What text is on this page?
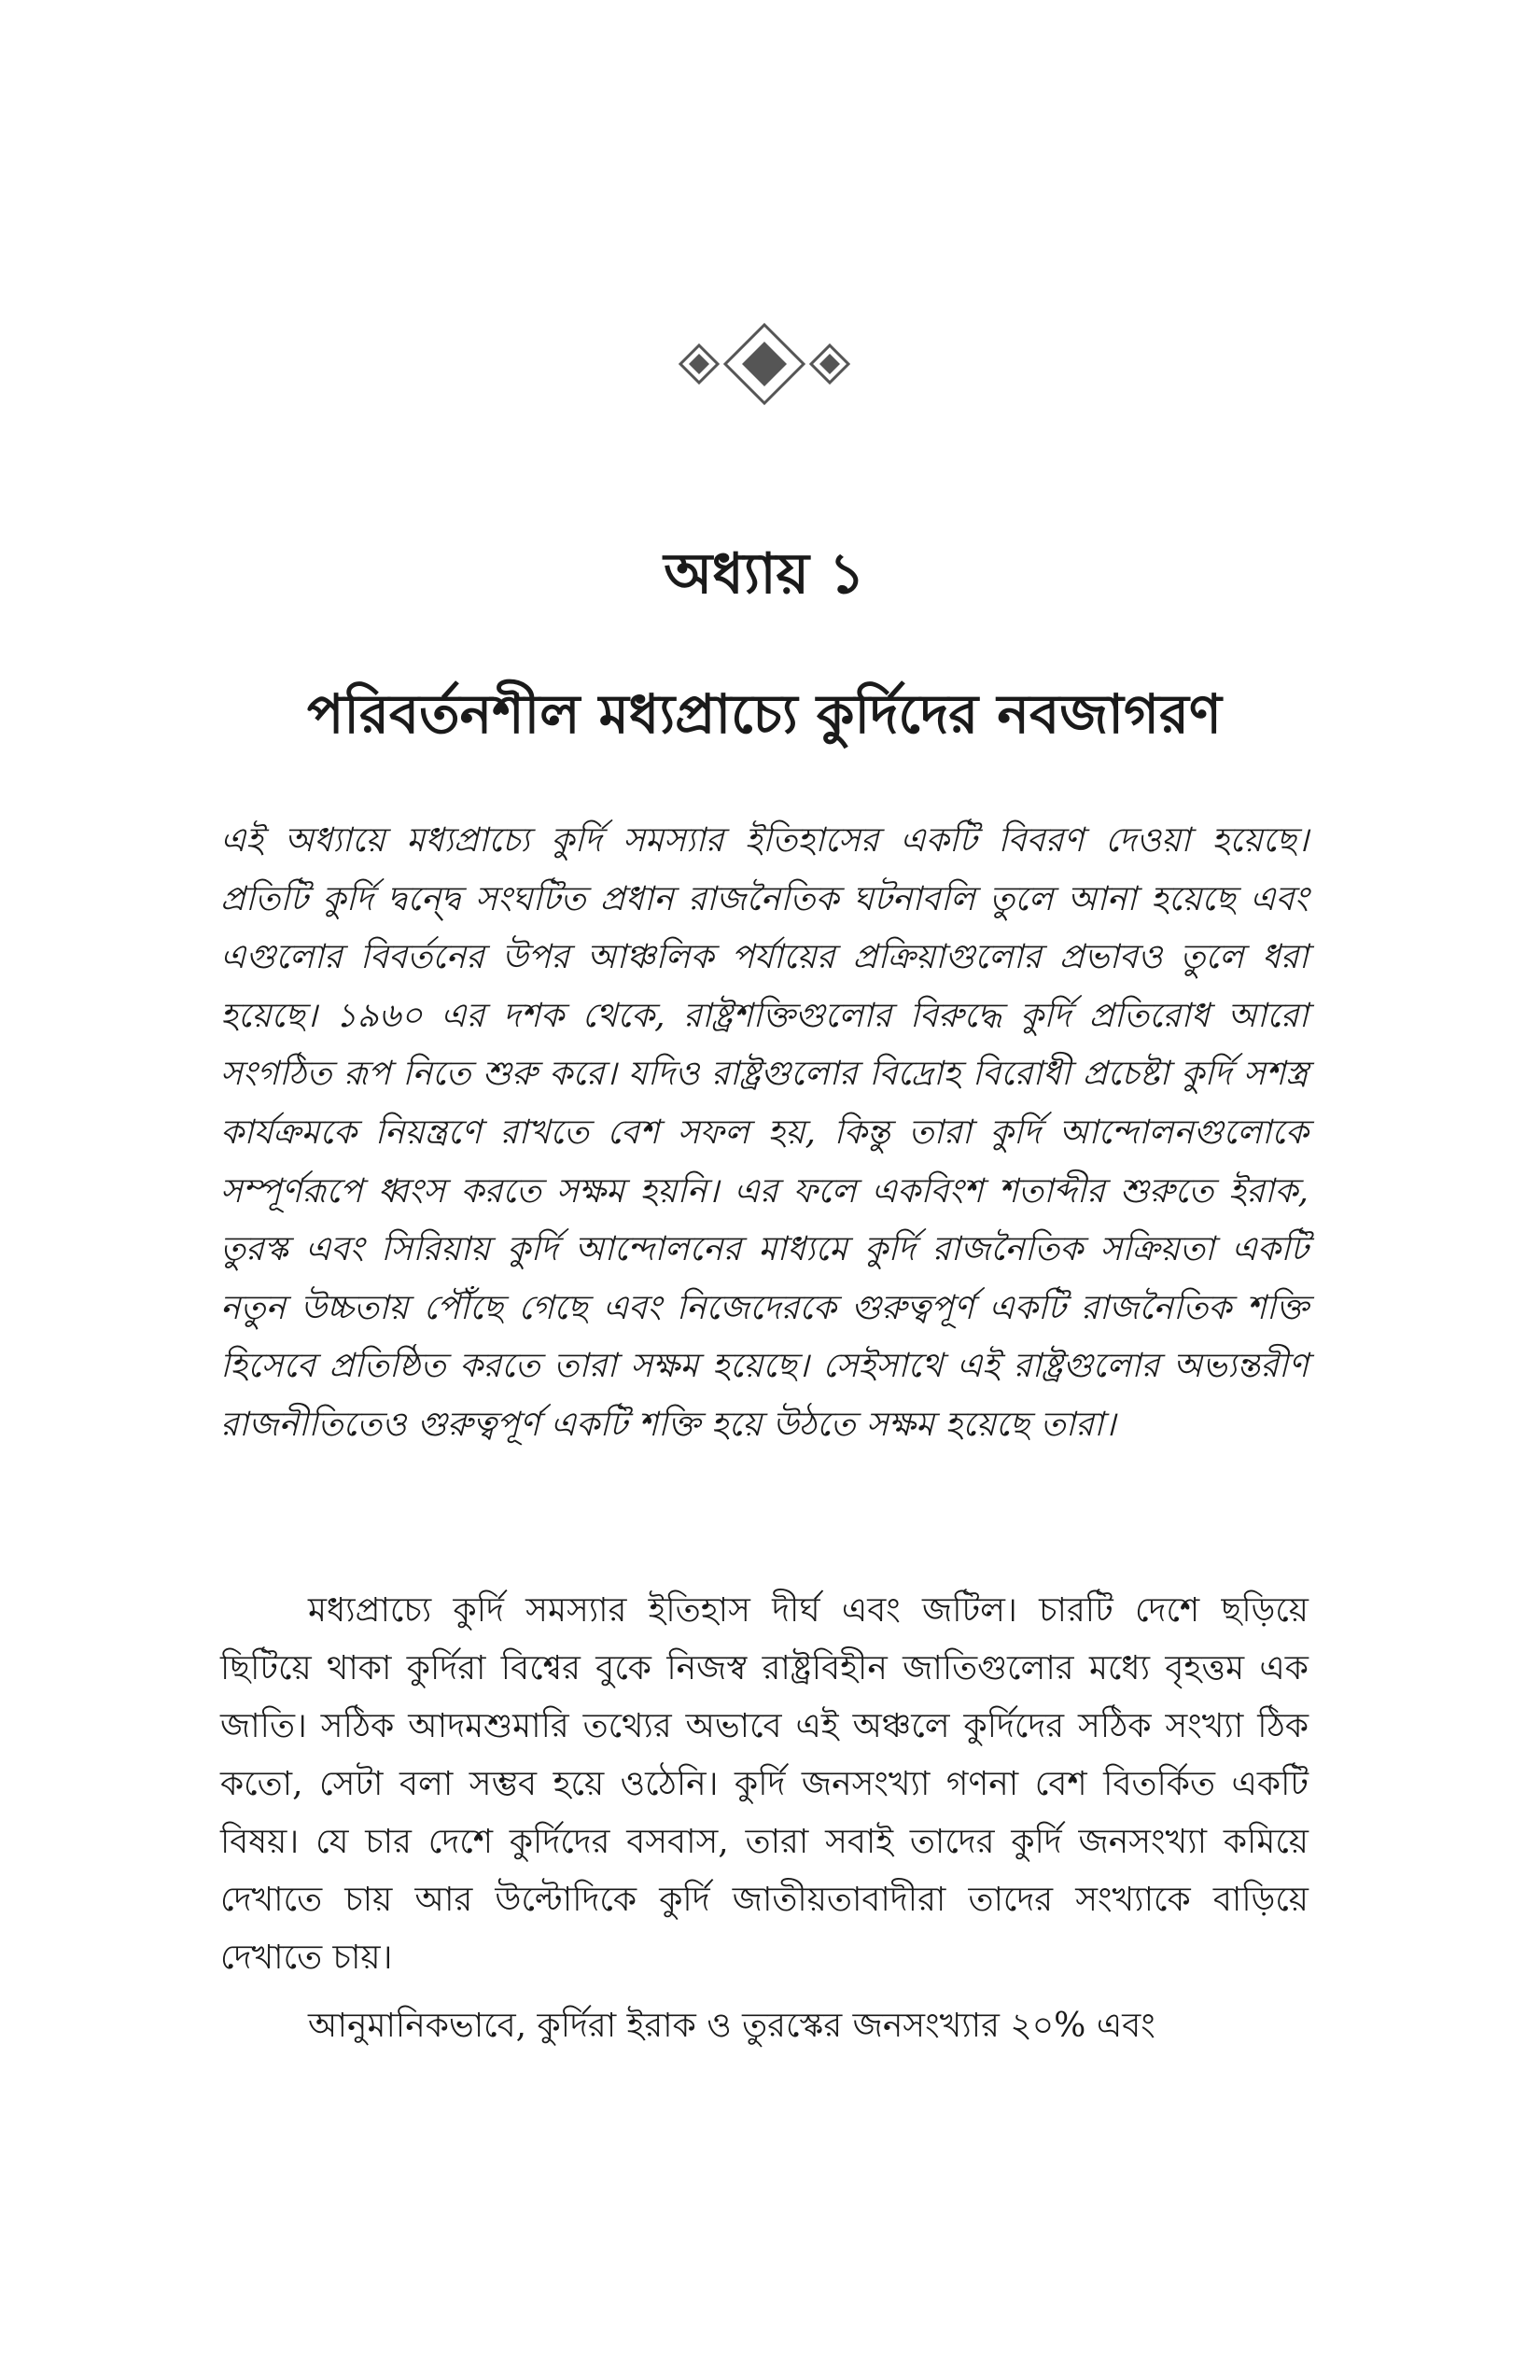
অধ্যায় ১
পরিবর্তনশীল মধ্যপ্রাচ্যে কুর্দিদের নবজাগরণ

এই অধ্যায়ে মধ্যপ্রাচ্যে কুর্দি সমস্যার ইতিহাসের একটি বিবরণ দেওয়া হয়েছে। প্রতিটি কুর্দি দ্বন্দ্বে সংঘটিত প্রধান রাজনৈতিক ঘটনাবলি তুলে আনা হয়েছে এবং এগুলোর বিবর্তনের উপর আঞ্চলিক পর্যায়ের প্রক্রিয়াগুলোর প্রভাবও তুলে ধরা হয়েছে। ১৯৬০ এর দশক থেকে, রাষ্ট্রশক্তিগুলোর বিরুদ্ধে কুর্দি প্রতিরোধ আরো সংগঠিত রূপ নিতে শুরু করে। যদিও রাষ্ট্রগুলোর বিদ্রোহ বিরোধী প্রচেষ্টা কুর্দি সশস্ত্র কার্যক্রমকে নিয়ন্ত্রণে রাখতে বেশ সফল হয়, কিন্তু তারা কুর্দি আন্দোলনগুলোকে সম্পূর্ণরূপে ধ্বংস করতে সক্ষম হয়নি। এর ফলে একবিংশ শতাব্দীর শুরুতে ইরাক, তুরস্ক এবং সিরিয়ায় কুর্দি আন্দোলনের মাধ্যমে কুর্দি রাজনৈতিক সক্রিয়তা একটি নতুন উচ্চতায় পৌঁছে গেছে এবং নিজেদেরকে গুরুত্বপূর্ণ একটি রাজনৈতিক শক্তি হিসেবে প্রতিষ্ঠিত করতে তারা সক্ষম হয়েছে। সেইসাথে এই রাষ্ট্রগুলোর অভ্যন্তরীণ রাজনীতিতেও গুরুত্বপূর্ণ একটি শক্তি হয়ে উঠতে সক্ষম হয়েছে তারা।

মধ্যপ্রাচ্যে কুর্দি সমস্যার ইতিহাস দীর্ঘ এবং জটিল। চারটি দেশে ছড়িয়ে ছিটিয়ে থাকা কুর্দিরা বিশ্বের বুকে নিজস্ব রাষ্ট্রবিহীন জাতিগুলোর মধ্যে বৃহত্তম এক জাতি। সঠিক আদমশুমারি তথ্যের অভাবে এই অঞ্চলে কুর্দিদের সঠিক সংখ্যা ঠিক কতো, সেটা বলা সম্ভব হয়ে ওঠেনি। কুর্দি জনসংখ্যা গণনা বেশ বিতর্কিত একটি বিষয়। যে চার দেশে কুর্দিদের বসবাস, তারা সবাই তাদের কুর্দি জনসংখ্যা কমিয়ে দেখাতে চায় আর উল্টোদিকে কুর্দি জাতীয়তাবাদীরা তাদের সংখ্যাকে বাড়িয়ে দেখাতে চায়।

আনুমানিকভাবে, কুর্দিরা ইরাক ও তুরস্কের জনসংখ্যার ২০% এবং
